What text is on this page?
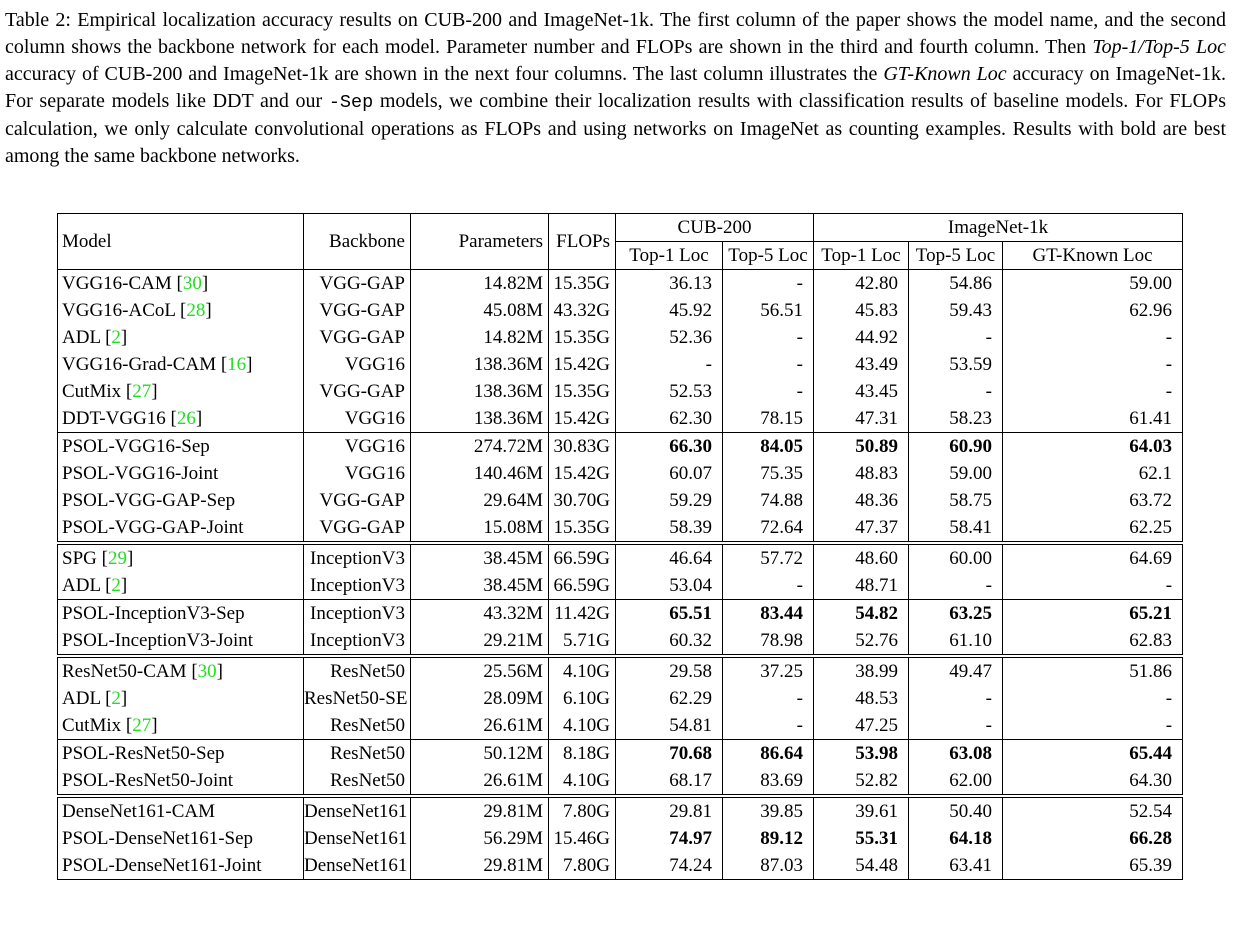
Table 2: Empirical localization accuracy results on CUB-200 and ImageNet-1k. The first column of the paper shows the model name, and the second column shows the backbone network for each model. Parameter number and FLOPs are shown in the third and fourth column. Then Top-1/Top-5 Loc accuracy of CUB-200 and ImageNet-1k are shown in the next four columns. The last column illustrates the GT-Known Loc accuracy on ImageNet-1k. For separate models like DDT and our -Sep models, we combine their localization results with classification results of baseline models. For FLOPs calculation, we only calculate convolutional operations as FLOPs and using networks on ImageNet as counting examples. Results with bold are best among the same backbone networks.

Model	Backbone	Parameters	FLOPs	CUB-200		ImageNet-1k		
				Top-1 Loc	Top-5 Loc	Top-1 Loc	Top-5 Loc	GT-Known Loc
VGG16-CAM [30]	VGG-GAP	14.82M	15.35G	36.13	-	42.80	54.86	59.00
VGG16-ACoL [28]	VGG-GAP	45.08M	43.32G	45.92	56.51	45.83	59.43	62.96
ADL [2]	VGG-GAP	14.82M	15.35G	52.36	-	44.92	-	-
VGG16-Grad-CAM [16]	VGG16	138.36M	15.42G	-	-	43.49	53.59	-
CutMix [27]	VGG-GAP	138.36M	15.35G	52.53	-	43.45	-	-
DDT-VGG16 [26]	VGG16	138.36M	15.42G	62.30	78.15	47.31	58.23	61.41
PSOL-VGG16-Sep	VGG16	274.72M	30.83G	66.30	84.05	50.89	60.90	64.03
PSOL-VGG16-Joint	VGG16	140.46M	15.42G	60.07	75.35	48.83	59.00	62.1
PSOL-VGG-GAP-Sep	VGG-GAP	29.64M	30.70G	59.29	74.88	48.36	58.75	63.72
PSOL-VGG-GAP-Joint	VGG-GAP	15.08M	15.35G	58.39	72.64	47.37	58.41	62.25
SPG [29]	InceptionV3	38.45M	66.59G	46.64	57.72	48.60	60.00	64.69
ADL [2]	InceptionV3	38.45M	66.59G	53.04	-	48.71	-	-
PSOL-InceptionV3-Sep	InceptionV3	43.32M	11.42G	65.51	83.44	54.82	63.25	65.21
PSOL-InceptionV3-Joint	InceptionV3	29.21M	5.71G	60.32	78.98	52.76	61.10	62.83
ResNet50-CAM [30]	ResNet50	25.56M	4.10G	29.58	37.25	38.99	49.47	51.86
ADL [2]	ResNet50-SE	28.09M	6.10G	62.29	-	48.53	-	-
CutMix [27]	ResNet50	26.61M	4.10G	54.81	-	47.25	-	-
PSOL-ResNet50-Sep	ResNet50	50.12M	8.18G	70.68	86.64	53.98	63.08	65.44
PSOL-ResNet50-Joint	ResNet50	26.61M	4.10G	68.17	83.69	52.82	62.00	64.30
DenseNet161-CAM	DenseNet161	29.81M	7.80G	29.81	39.85	39.61	50.40	52.54
PSOL-DenseNet161-Sep	DenseNet161	56.29M	15.46G	74.97	89.12	55.31	64.18	66.28
PSOL-DenseNet161-Joint	DenseNet161	29.81M	7.80G	74.24	87.03	54.48	63.41	65.39
